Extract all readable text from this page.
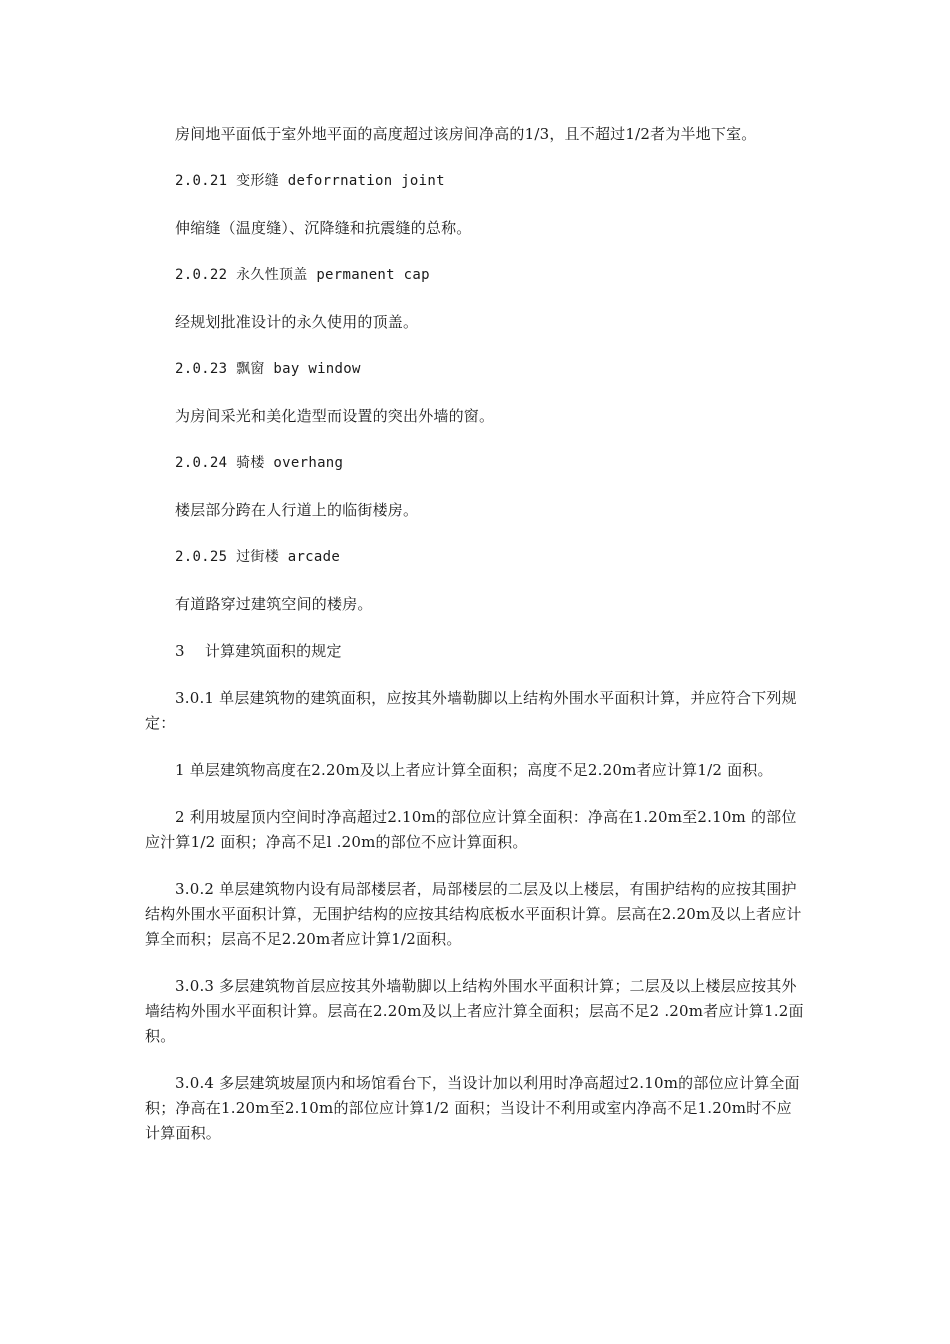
房间地平面低于室外地平面的高度超过该房间净高的1/3，且不超过1/2者为半地下室。

2.0.21 变形缝 deforrnation joint

伸缩缝（温度缝）、沉降缝和抗震缝的总称。

2.0.22 永久性顶盖 permanent cap

经规划批准设计的永久使用的顶盖。

2.0.23 飘窗 bay window

为房间采光和美化造型而设置的突出外墙的窗。

2.0.24 骑楼 overhang

楼层部分跨在人行道上的临街楼房。

2.0.25 过街楼 arcade

有道路穿过建筑空间的楼房。

3　 计算建筑面积的规定

3.0.1 单层建筑物的建筑面积，应按其外墙勒脚以上结构外围水平面积计算，并应符合下列规定：

1 单层建筑物高度在2.20m及以上者应计算全面积；高度不足2.20m者应计算1/2 面积。

2 利用坡屋顶内空间时净高超过2.10m的部位应计算全面积：净高在1.20m至2.10m 的部位应汁算1/2 面积；净高不足l .20m的部位不应计算面积。

3.0.2 单层建筑物内设有局部楼层者，局部楼层的二层及以上楼层，有围护结构的应按其围护结构外围水平面积计算，无围护结构的应按其结构底板水平面积计算。层高在2.20m及以上者应计算全而积；层高不足2.20m者应计算1/2面积。

3.0.3 多层建筑物首层应按其外墙勒脚以上结构外围水平面积计算；二层及以上楼层应按其外墙结构外围水平面积计算。层高在2.20m及以上者应汁算全面积；层高不足2 .20m者应计算1.2面积。

3.0.4 多层建筑坡屋顶内和场馆看台下，当设计加以利用时净高超过2.10m的部位应计算全面积；净高在1.20m至2.10m的部位应计算1/2 面积；当设计不利用或室内净高不足1.20m时不应计算面积。
